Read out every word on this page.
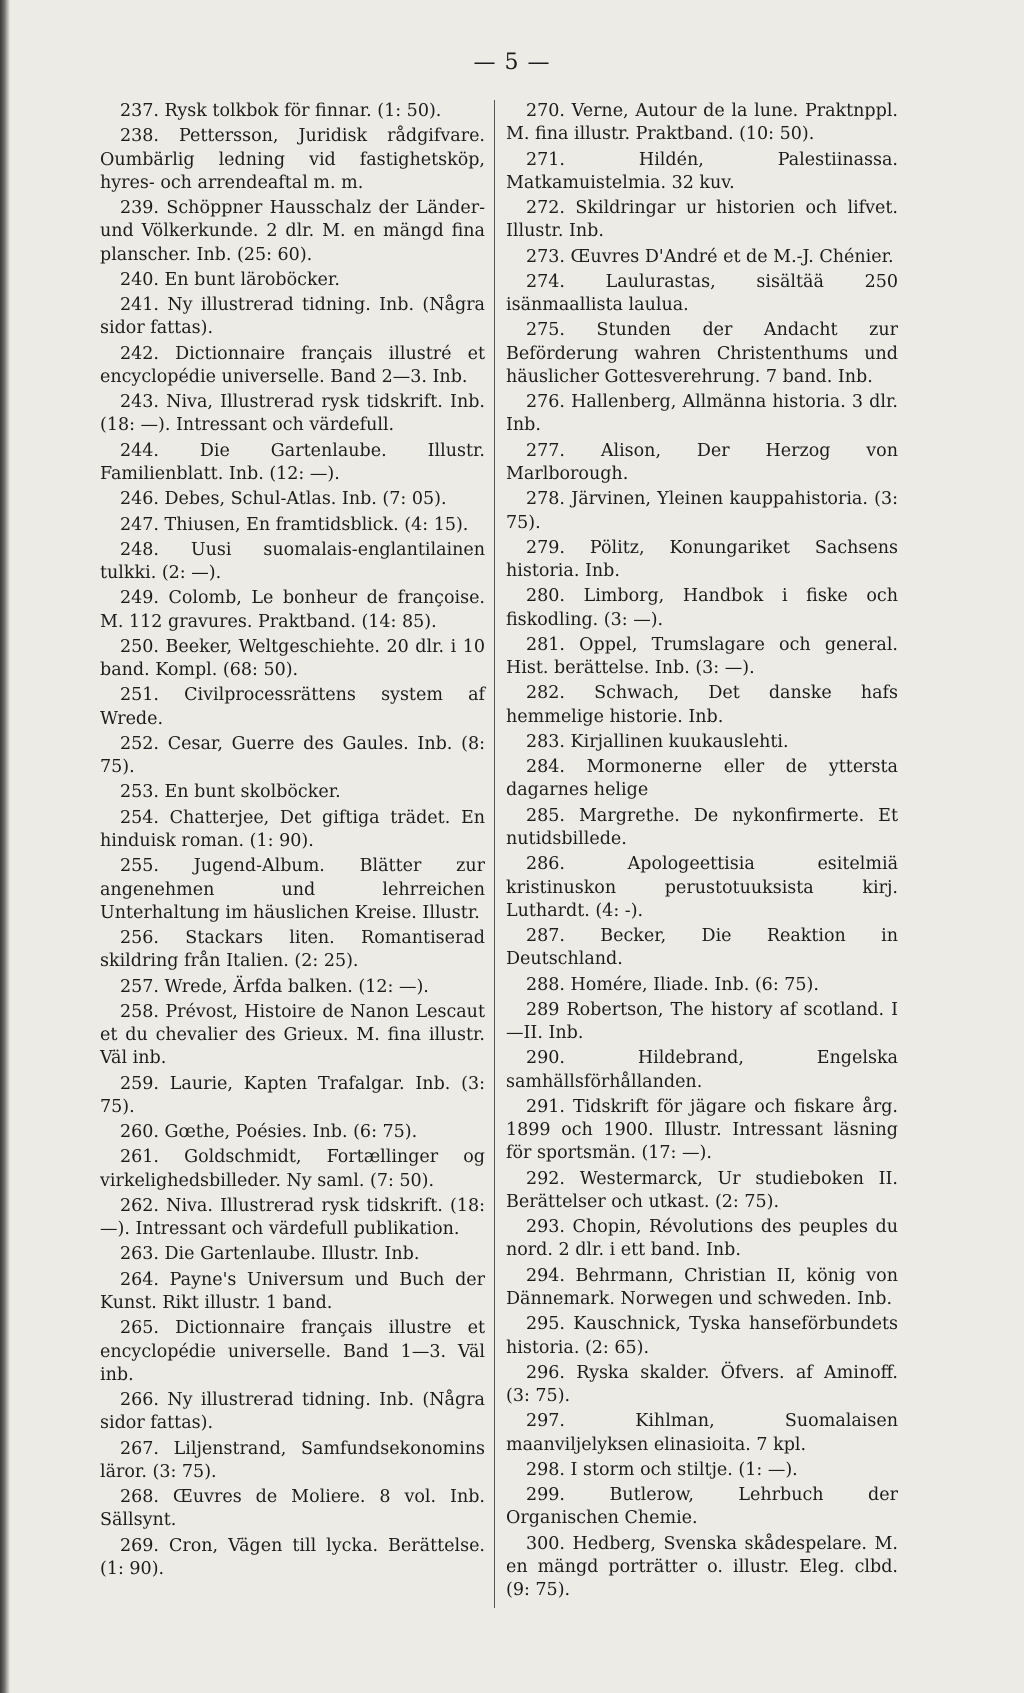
— 5 —

237. Rysk tolkbok för finnar. (1: 50).

238. Pettersson, Juridisk rådgifvare. Oumbärlig ledning vid fastighetsköp, hyres- och arrendeaftal m. m.

239. Schöppner Hausschalz der Länder- und Völkerkunde. 2 dlr. M. en mängd fina planscher. Inb. (25: 60).

240. En bunt läroböcker.

241. Ny illustrerad tidning. Inb. (Några sidor fattas).

242. Dictionnaire français illustré et encyclopédie universelle. Band 2—3. Inb.

243. Niva, Illustrerad rysk tidskrift. Inb. (18: —). Intressant och värdefull.

244. Die Gartenlaube. Illustr. Familienblatt. Inb. (12: —).

246. Debes, Schul-Atlas. Inb. (7: 05).

247. Thiusen, En framtidsblick. (4: 15).

248. Uusi suomalais-englantilainen tulkki. (2: —).

249. Colomb, Le bonheur de françoise. M. 112 gravures. Praktband. (14: 85).

250. Beeker, Weltgeschiehte. 20 dlr. i 10 band. Kompl. (68: 50).

251. Civilprocessrättens system af Wrede.

252. Cesar, Guerre des Gaules. Inb. (8: 75).

253. En bunt skolböcker.

254. Chatterjee, Det giftiga trädet. En hinduisk roman. (1: 90).

255. Jugend-Album. Blätter zur angenehmen und lehrreichen Unterhaltung im häuslichen Kreise. Illustr.

256. Stackars liten. Romantiserad skildring från Italien. (2: 25).

257. Wrede, Ärfda balken. (12: —).

258. Prévost, Histoire de Nanon Lescaut et du chevalier des Grieux. M. fina illustr. Väl inb.

259. Laurie, Kapten Trafalgar. Inb. (3: 75).

260. Gœthe, Poésies. Inb. (6: 75).

261. Goldschmidt, Fortællinger og virkelighedsbilleder. Ny saml. (7: 50).

262. Niva. Illustrerad rysk tidskrift. (18: —). Intressant och värdefull publikation.

263. Die Gartenlaube. Illustr. Inb.

264. Payne's Universum und Buch der Kunst. Rikt illustr. 1 band.

265. Dictionnaire français illustre et encyclopédie universelle. Band 1—3. Väl inb.

266. Ny illustrerad tidning. Inb. (Några sidor fattas).

267. Liljenstrand, Samfundsekonomins läror. (3: 75).

268. Œuvres de Moliere. 8 vol. Inb. Sällsynt.

269. Cron, Vägen till lycka. Berättelse. (1: 90).

270. Verne, Autour de la lune. Praktnppl. M. fina illustr. Praktband. (10: 50).

271. Hildén, Palestiinassa. Matkamuistelmia. 32 kuv.

272. Skildringar ur historien och lifvet. Illustr. Inb.

273. Œuvres D'André et de M.-J. Chénier.

274. Laulurastas, sisältää 250 isänmaallista laulua.

275. Stunden der Andacht zur Beförderung wahren Christenthums und häuslicher Gottesverehrung. 7 band. Inb.

276. Hallenberg, Allmänna historia. 3 dlr. Inb.

277. Alison, Der Herzog von Marlborough.

278. Järvinen, Yleinen kauppahistoria. (3: 75).

279. Pölitz, Konungariket Sachsens historia. Inb.

280. Limborg, Handbok i fiske och fiskodling. (3: —).

281. Oppel, Trumslagare och general. Hist. berättelse. Inb. (3: —).

282. Schwach, Det danske hafs hemmelige historie. Inb.

283. Kirjallinen kuukauslehti.

284. Mormonerne eller de yttersta dagarnes helige

285. Margrethe. De nykonfirmerte. Et nutidsbillede.

286. Apologeettisia esitelmiä kristinuskon perustotuuksista kirj. Luthardt. (4: -).

287. Becker, Die Reaktion in Deutschland.

288. Homére, Iliade. Inb. (6: 75).

289 Robertson, The history af scotland. I—II. Inb.

290. Hildebrand, Engelska samhällsförhållanden.

291. Tidskrift för jägare och fiskare årg. 1899 och 1900. Illustr. Intressant läsning för sportsmän. (17: —).

292. Westermarck, Ur studieboken II. Berättelser och utkast. (2: 75).

293. Chopin, Révolutions des peuples du nord. 2 dlr. i ett band. Inb.

294. Behrmann, Christian II, könig von Dännemark. Norwegen und schweden. Inb.

295. Kauschnick, Tyska hanseförbundets historia. (2: 65).

296. Ryska skalder. Öfvers. af Aminoff. (3: 75).

297. Kihlman, Suomalaisen maanviljelyksen elinasioita. 7 kpl.

298. I storm och stiltje. (1: —).

299. Butlerow, Lehrbuch der Organischen Chemie.

300. Hedberg, Svenska skådespelare. M. en mängd porträtter o. illustr. Eleg. clbd. (9: 75).
